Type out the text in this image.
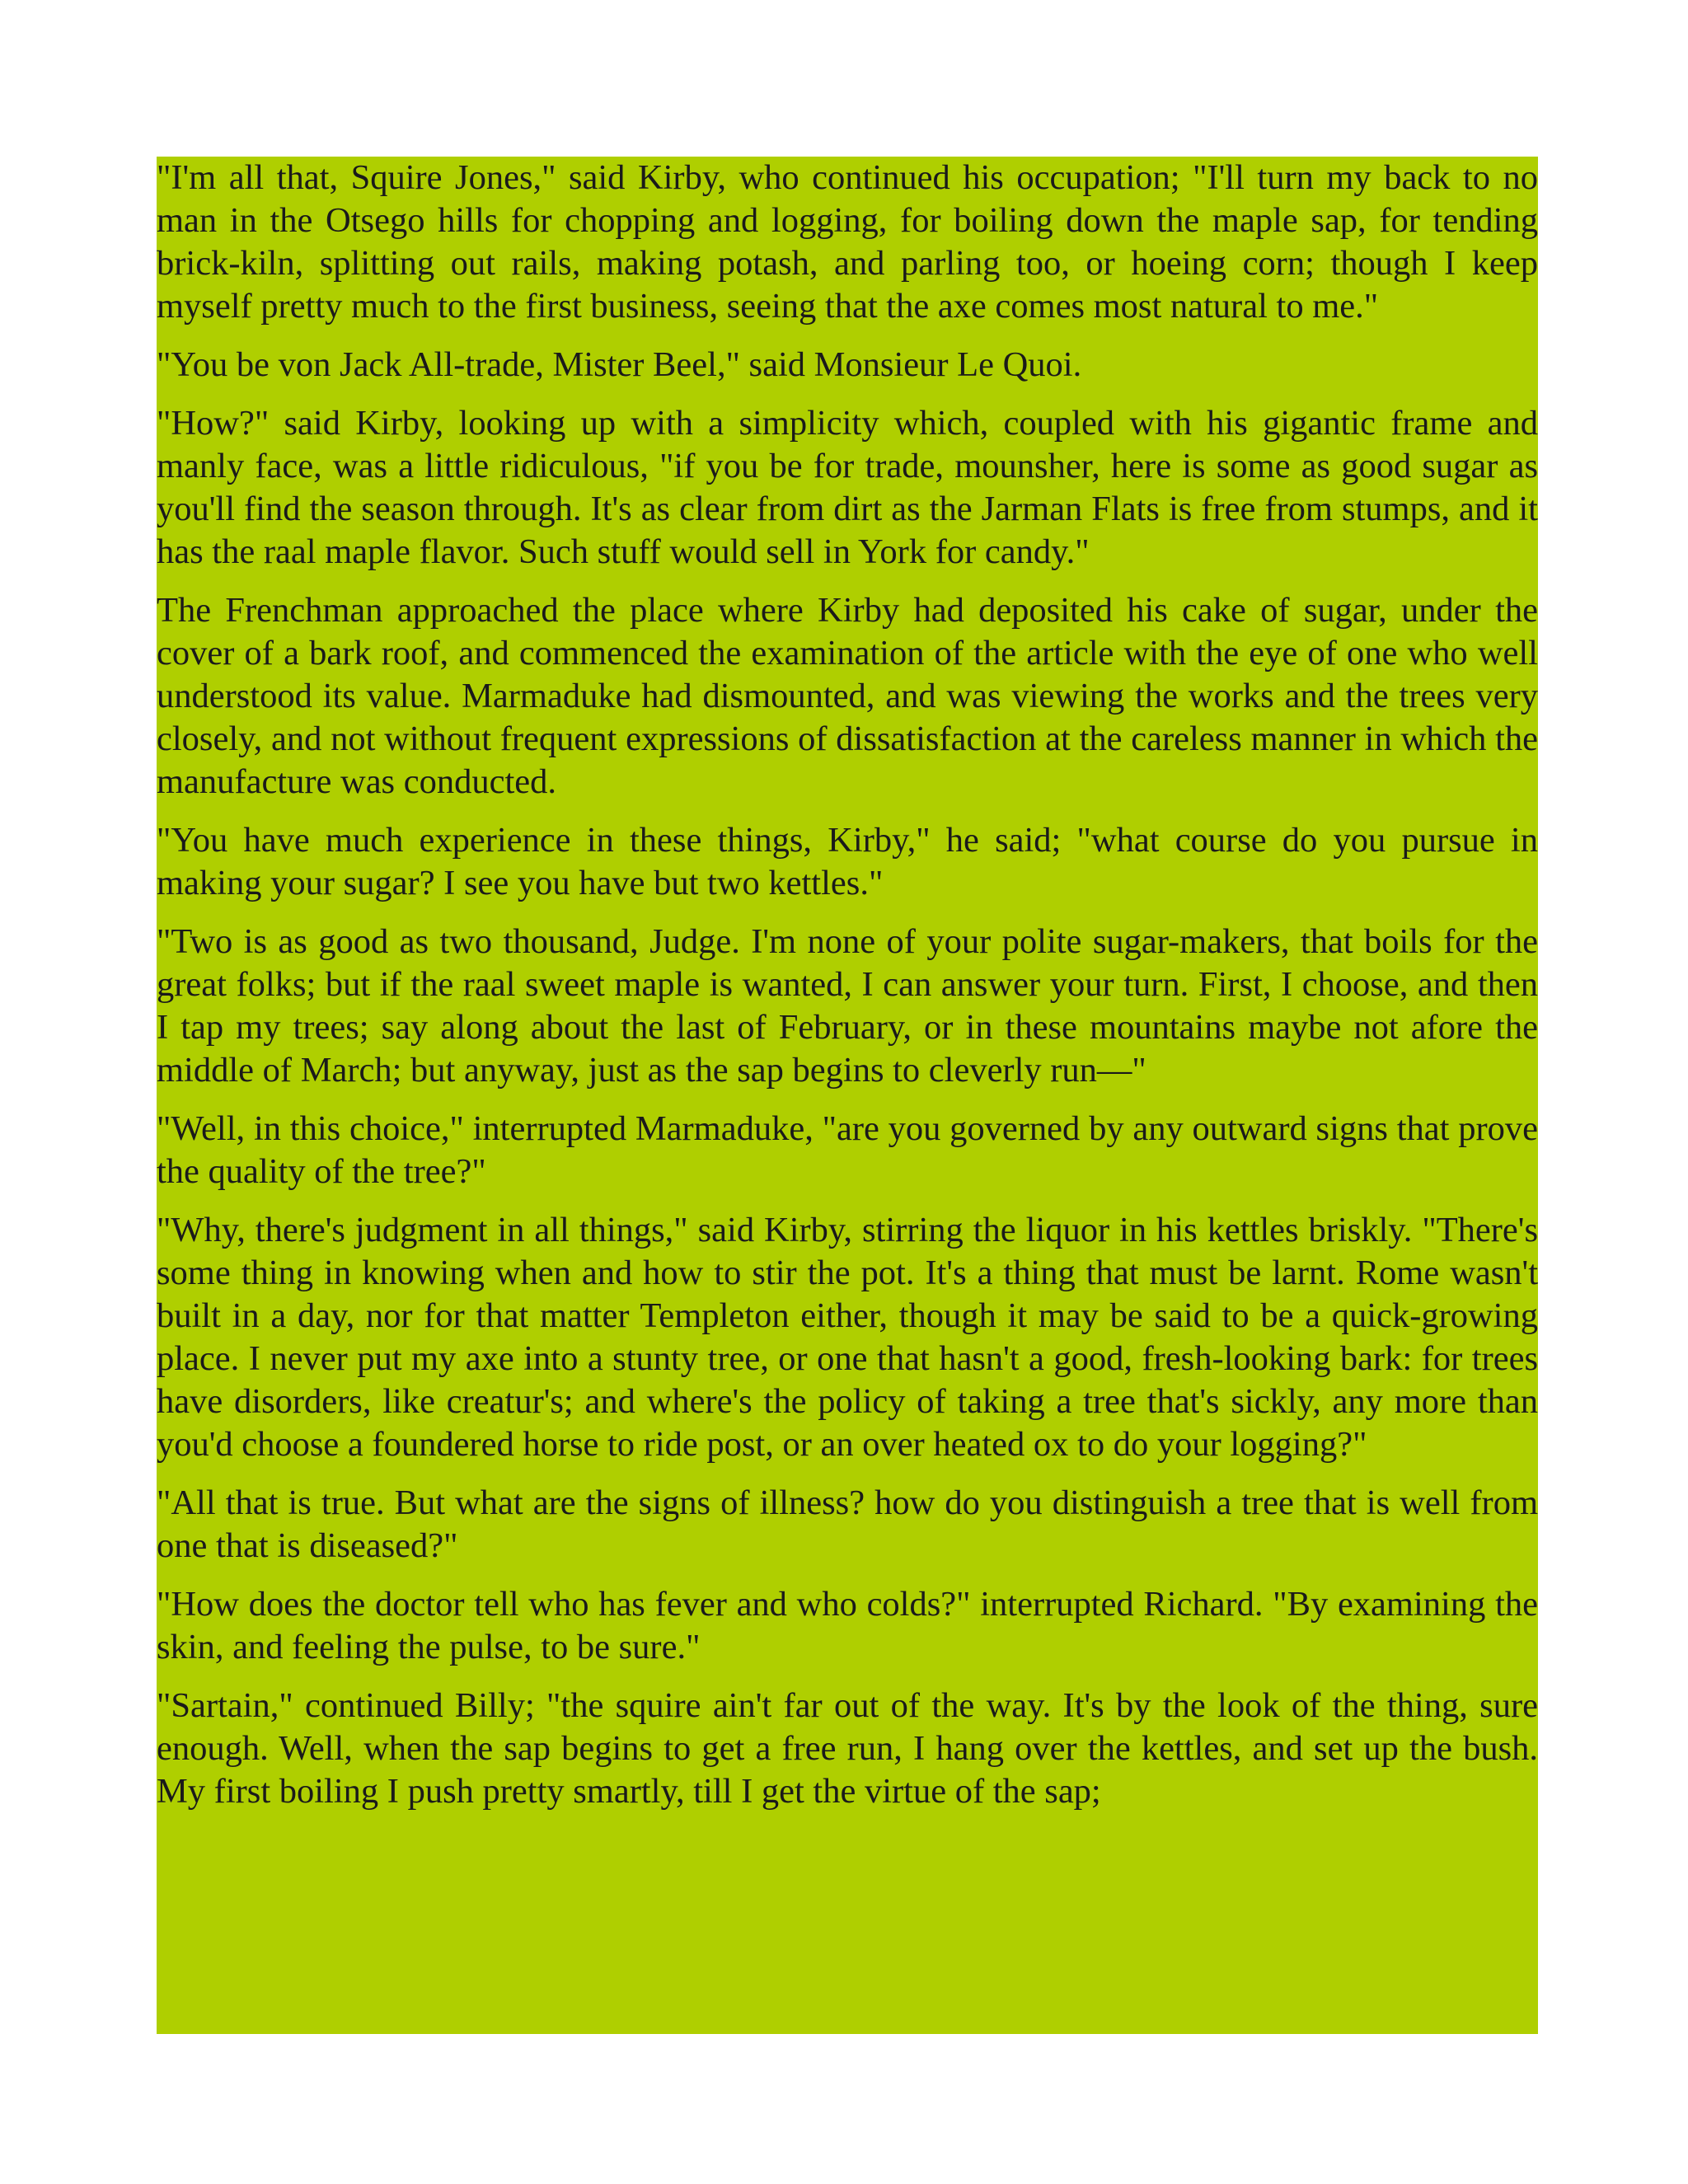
"I'm all that, Squire Jones," said Kirby, who continued his occupation; "I'll turn my back to no man in the Otsego hills for chopping and logging, for boiling down the maple sap, for tending brick-kiln, splitting out rails, making potash, and parling too, or hoeing corn; though I keep myself pretty much to the first business, seeing that the axe comes most natural to me."

"You be von Jack All-trade, Mister Beel," said Monsieur Le Quoi.

"How?" said Kirby, looking up with a simplicity which, coupled with his gigantic frame and manly face, was a little ridiculous, "if you be for trade, mounsher, here is some as good sugar as you'll find the season through. It's as clear from dirt as the Jarman Flats is free from stumps, and it has the raal maple flavor. Such stuff would sell in York for candy."

The Frenchman approached the place where Kirby had deposited his cake of sugar, under the cover of a bark roof, and commenced the examination of the article with the eye of one who well understood its value. Marmaduke had dismounted, and was viewing the works and the trees very closely, and not without frequent expressions of dissatisfaction at the careless manner in which the manufacture was conducted.

"You have much experience in these things, Kirby," he said; "what course do you pursue in making your sugar? I see you have but two kettles."

"Two is as good as two thousand, Judge. I'm none of your polite sugar-makers, that boils for the great folks; but if the raal sweet maple is wanted, I can answer your turn. First, I choose, and then I tap my trees; say along about the last of February, or in these mountains maybe not afore the middle of March; but anyway, just as the sap begins to cleverly run—"

"Well, in this choice," interrupted Marmaduke, "are you governed by any outward signs that prove the quality of the tree?"

"Why, there's judgment in all things," said Kirby, stirring the liquor in his kettles briskly. "There's some thing in knowing when and how to stir the pot. It's a thing that must be larnt. Rome wasn't built in a day, nor for that matter Templeton either, though it may be said to be a quick-growing place. I never put my axe into a stunty tree, or one that hasn't a good, fresh-looking bark: for trees have disorders, like creatur's; and where's the policy of taking a tree that's sickly, any more than you'd choose a foundered horse to ride post, or an over heated ox to do your logging?"

"All that is true. But what are the signs of illness? how do you distinguish a tree that is well from one that is diseased?"

"How does the doctor tell who has fever and who colds?" interrupted Richard. "By examining the skin, and feeling the pulse, to be sure."

"Sartain," continued Billy; "the squire ain't far out of the way. It's by the look of the thing, sure enough. Well, when the sap begins to get a free run, I hang over the kettles, and set up the bush. My first boiling I push pretty smartly, till I get the virtue of the sap;
